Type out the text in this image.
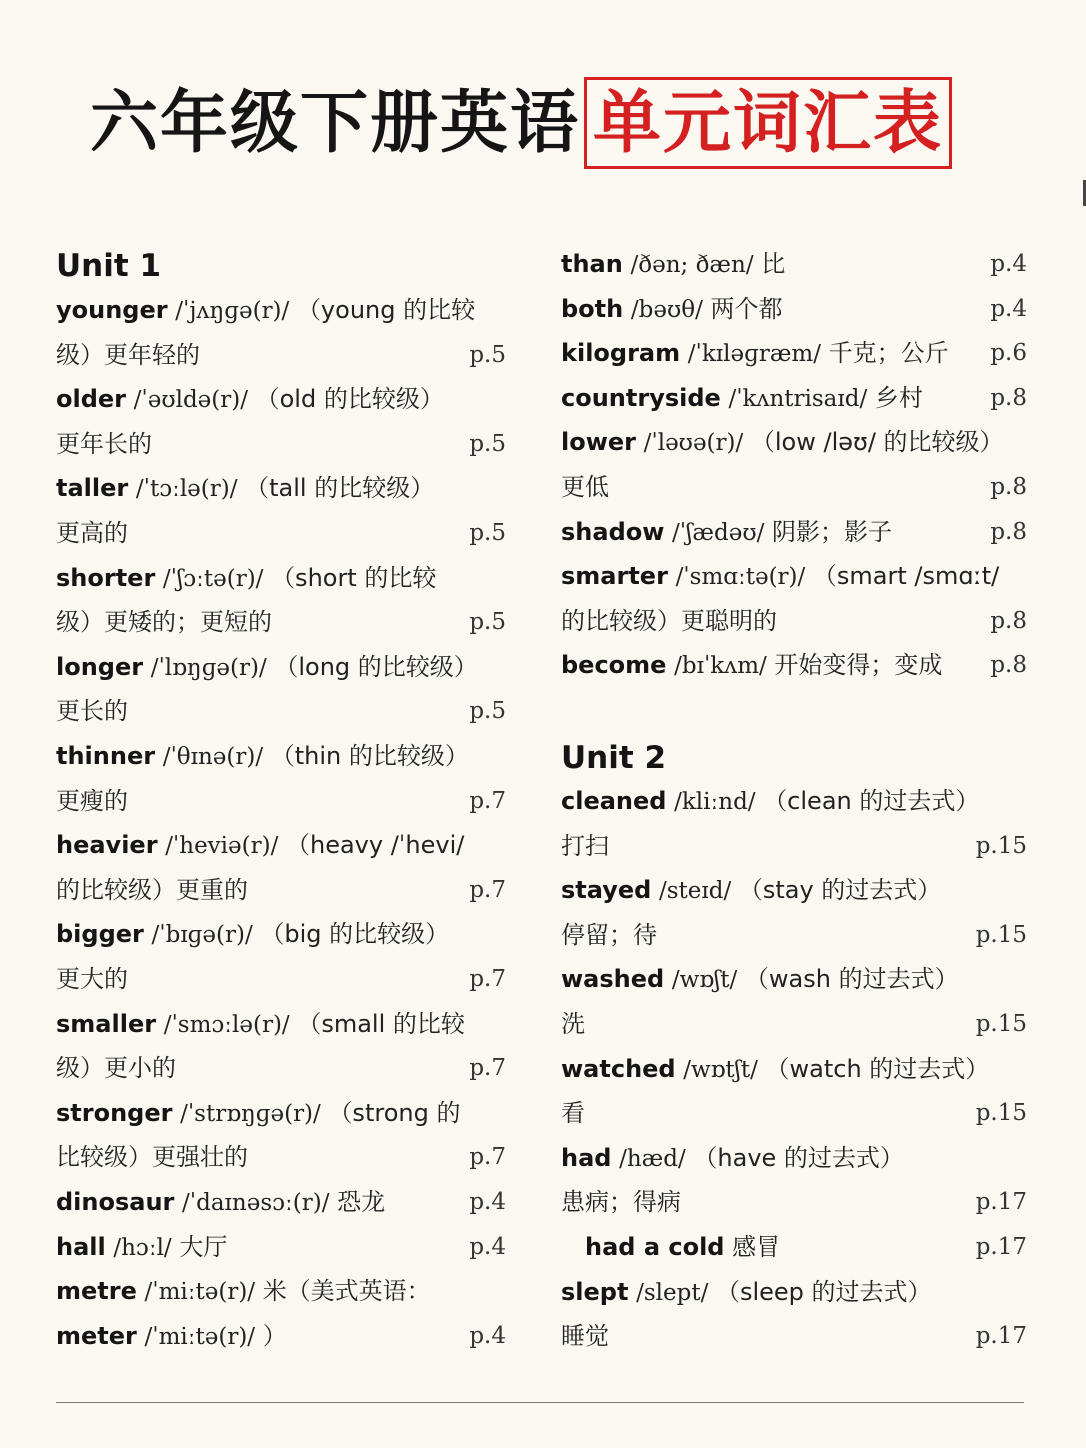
六年级下册英语 单元词汇表
Unit 1
younger /ˈjʌŋɡə(r)/ （young 的比较
级）更年轻的	p.5
older /ˈəʊldə(r)/ （old 的比较级）
更年长的	p.5
taller /ˈtɔːlə(r)/ （tall 的比较级）
更高的	p.5
shorter /ˈʃɔːtə(r)/ （short 的比较
级）更矮的；更短的	p.5
longer /ˈlɒŋɡə(r)/ （long 的比较级）
更长的	p.5
thinner /ˈθɪnə(r)/ （thin 的比较级）
更瘦的	p.7
heavier /ˈheviə(r)/ （heavy /ˈhevi/
的比较级）更重的	p.7
bigger /ˈbɪɡə(r)/ （big 的比较级）
更大的	p.7
smaller /ˈsmɔːlə(r)/ （small 的比较
级）更小的	p.7
stronger /ˈstrɒŋɡə(r)/ （strong 的
比较级）更强壮的	p.7
dinosaur /ˈdaɪnəsɔː(r)/ 恐龙	p.4
hall /hɔːl/ 大厅	p.4
metre /ˈmiːtə(r)/ 米（美式英语：
meter /ˈmiːtə(r)/ ）	p.4
than /ðən; ðæn/ 比	p.4
both /bəʊθ/ 两个都	p.4
kilogram /ˈkɪləɡræm/ 千克；公斤 p.6
countryside /ˈkʌntrisaɪd/ 乡村	p.8
lower /ˈləʊə(r)/ （low /ləʊ/ 的比较级）
更低	p.8
shadow /ˈʃædəʊ/ 阴影；影子	p.8
smarter /ˈsmɑːtə(r)/ （smart /smɑːt/
的比较级）更聪明的	p.8
become /bɪˈkʌm/ 开始变得；变成 p.8
Unit 2
cleaned /kliːnd/ （clean 的过去式）
打扫	p.15
stayed /steɪd/ （stay 的过去式）
停留；待	p.15
washed /wɒʃt/ （wash 的过去式）
洗	p.15
watched /wɒtʃt/ （watch 的过去式）
看	p.15
had /hæd/ （have 的过去式）
患病；得病	p.17
had a cold 感冒	p.17
slept /slept/ （sleep 的过去式）
睡觉	p.17
